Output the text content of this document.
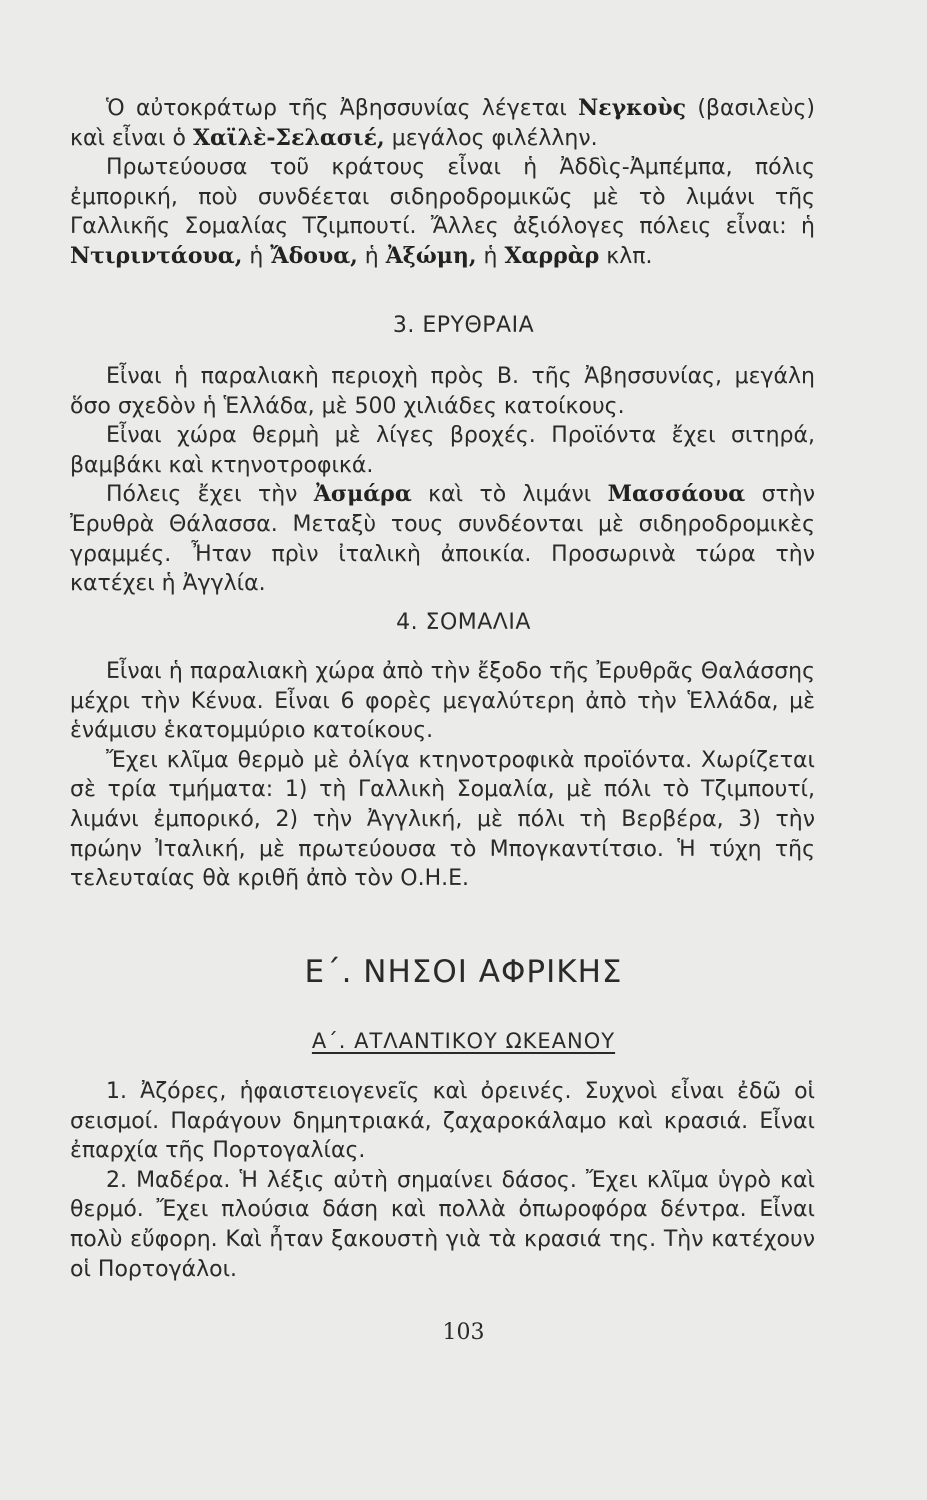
Ὁ αὐτοκράτωρ τῆς Ἀβησσυνίας λέγεται Νεγκοὺς (βασιλεὺς) καὶ εἶναι ὁ Χαϊλὲ-Σελασιέ, μεγάλος φιλέλλην.

Πρωτεύουσα τοῦ κράτους εἶναι ἡ Ἀδδὶς-Ἀμπέμπα, πόλις ἐμπορική, ποὺ συνδέεται σιδηροδρομικῶς μὲ τὸ λιμάνι τῆς Γαλλικῆς Σομαλίας Τζιμπουτί. Ἄλλες ἀξιόλογες πόλεις εἶναι: ἡ Ντιριντάουα, ἡ Ἄδουα, ἡ Ἀξώμη, ἡ Χαρρὰρ κλπ.

3. ΕΡΥΘΡΑΙΑ

Εἶναι ἡ παραλιακὴ περιοχὴ πρὸς Β. τῆς Ἀβησσυνίας, μεγάλη ὅσο σχεδὸν ἡ Ἑλλάδα, μὲ 500 χιλιάδες κατοίκους.

Εἶναι χώρα θερμὴ μὲ λίγες βροχές. Προϊόντα ἔχει σιτηρά, βαμβάκι καὶ κτηνοτροφικά.

Πόλεις ἔχει τὴν Ἀσμάρα καὶ τὸ λιμάνι Μασσάουα στὴν Ἐρυθρὰ Θάλασσα. Μεταξὺ τους συνδέονται μὲ σιδηροδρομικὲς γραμμές. Ἦταν πρὶν ἰταλικὴ ἀποικία. Προσωρινὰ τώρα τὴν κατέχει ἡ Ἀγγλία.

4. ΣΟΜΑΛΙΑ

Εἶναι ἡ παραλιακὴ χώρα ἀπὸ τὴν ἔξοδο τῆς Ἐρυθρᾶς Θαλάσσης μέχρι τὴν Κένυα. Εἶναι 6 φορὲς μεγαλύτερη ἀπὸ τὴν Ἑλλάδα, μὲ ἑνάμισυ ἑκατομμύριο κατοίκους.

Ἔχει κλῖμα θερμὸ μὲ ὀλίγα κτηνοτροφικὰ προϊόντα. Χωρίζεται σὲ τρία τμήματα: 1) τὴ Γαλλικὴ Σομαλία, μὲ πόλι τὸ Τζιμπουτί, λιμάνι ἐμπορικό, 2) τὴν Ἀγγλική, μὲ πόλι τὴ Βερβέρα, 3) τὴν πρώην Ἰταλική, μὲ πρωτεύουσα τὸ Μπογκαντίτσιο. Ἡ τύχη τῆς τελευταίας θὰ κριθῆ ἀπὸ τὸν Ο.Η.Ε.

Ε΄. ΝΗΣΟΙ ΑΦΡΙΚΗΣ
Α΄. ΑΤΛΑΝΤΙΚΟΥ ΩΚΕΑΝΟΥ

1. Ἀζόρες, ἡφαιστειογενεῖς καὶ ὀρεινές. Συχνοὶ εἶναι ἐδῶ οἱ σεισμοί. Παράγουν δημητριακά, ζαχαροκάλαμο καὶ κρασιά. Εἶναι ἐπαρχία τῆς Πορτογαλίας.

2. Μαδέρα. Ἡ λέξις αὐτὴ σημαίνει δάσος. Ἔχει κλῖμα ὑγρὸ καὶ θερμό. Ἔχει πλούσια δάση καὶ πολλὰ ὀπωροφόρα δέντρα. Εἶναι πολὺ εὔφορη. Καὶ ἦταν ξακουστὴ γιὰ τὰ κρασιά της. Τὴν κατέχουν οἱ Πορτογάλοι.

103
